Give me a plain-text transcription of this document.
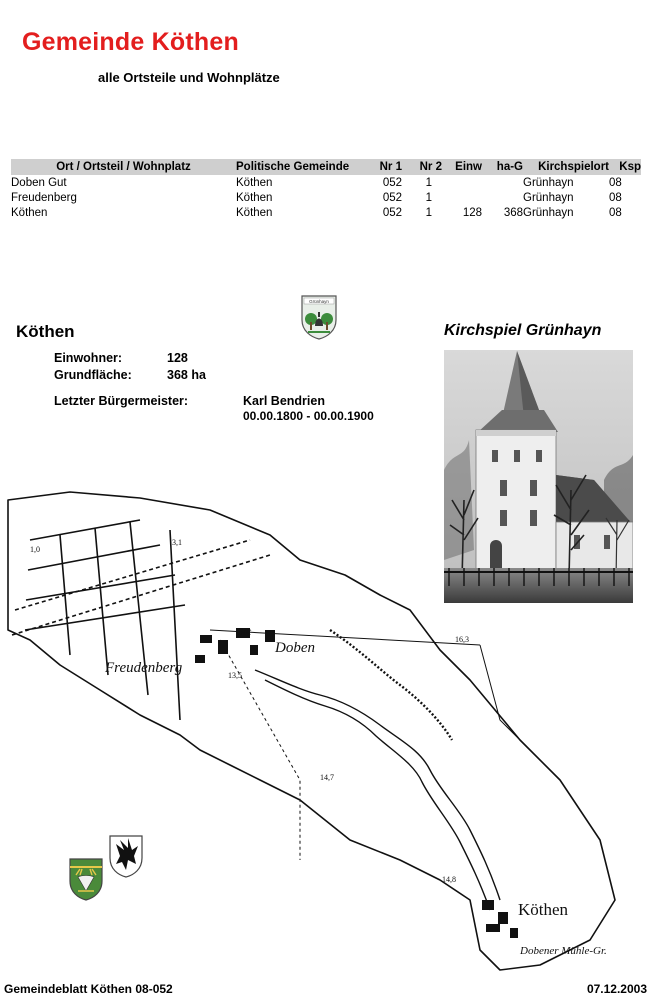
Gemeinde Köthen
alle Ortsteile und Wohnplätze
Ort / Ortsteil / Wohnplatz	Politische Gemeinde	Nr 1	Nr 2	Einw	ha-G	Kirchspielort	Ksp
Doben Gut	Köthen	052	1			Grünhayn	08
Freudenberg	Köthen	052	1			Grünhayn	08
Köthen	Köthen	052	1	128	368	Grünhayn	08
Grünhayn
Köthen
Einwohner:	128
Grundfläche:	368 ha
Letzter Bürgermeister:	Karl Bendrien
00.00.1800 - 00.00.1900
Kirchspiel Grünhayn
Freudenberg
Doben
Gut
Köthen
Dobener Mühle-Gr.
1,0
3,1
16,3
13,5
14,7
14,8
Gemeindeblatt Köthen 08-052	07.12.2003
